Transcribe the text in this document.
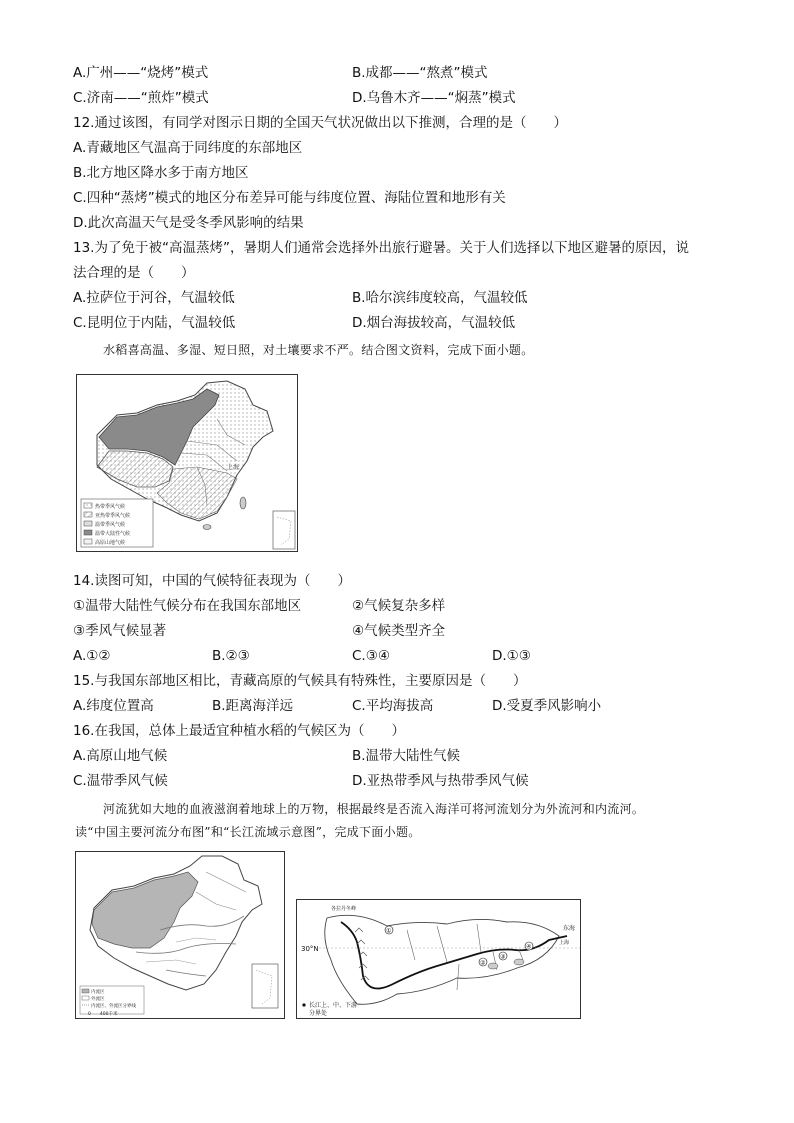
A.广州——“烧烤”模式	B.成都——“熬煮”模式
C.济南——“煎炸”模式	D.乌鲁木齐——“焖蒸”模式
12.通过该图，有同学对图示日期的全国天气状况做出以下推测，合理的是（　　）
A.青藏地区气温高于同纬度的东部地区
B.北方地区降水多于南方地区
C.四种“蒸烤”模式的地区分布差异可能与纬度位置、海陆位置和地形有关
D.此次高温天气是受冬季风影响的结果
13.为了免于被“高温蒸烤”，暑期人们通常会选择外出旅行避暑。关于人们选择以下地区避暑的原因，说
法合理的是（　　）
A.拉萨位于河谷，气温较低	B.哈尔滨纬度较高，气温较低
C.昆明位于内陆，气温较低	D.烟台海拔较高，气温较低
水稻喜高温、多湿、短日照，对土壤要求不严。结合图文资料，完成下面小题。
上海
热带季风气候
亚热带季风气候
温带季风气候
温带大陆性气候
高原山地气候
14.读图可知，中国的气候特征表现为（　　）
①温带大陆性气候分布在我国东部地区	②气候复杂多样
③季风气候显著	④气候类型齐全
A.①②	B.②③	C.③④	D.①③
15.与我国东部地区相比，青藏高原的气候具有特殊性，主要原因是（　　）
A.纬度位置高	B.距离海洋远	C.平均海拔高	D.受夏季风影响小
16.在我国，总体上最适宜种植水稻的气候区为（　　）
A.高原山地气候	B.温带大陆性气候
C.温带季风气候	D.亚热带季风与热带季风气候
河流犹如大地的血液滋润着地球上的万物，根据最终是否流入海洋可将河流划分为外流河和内流河。
读“中国主要河流分布图”和“长江流域示意图”，完成下面小题。
内流区
外流区
内流区、外流区分界线
0　　400千米
30°N
各拉丹冬峰
①
②
③
④
东海
上海
长江上、中、下游
分界处
